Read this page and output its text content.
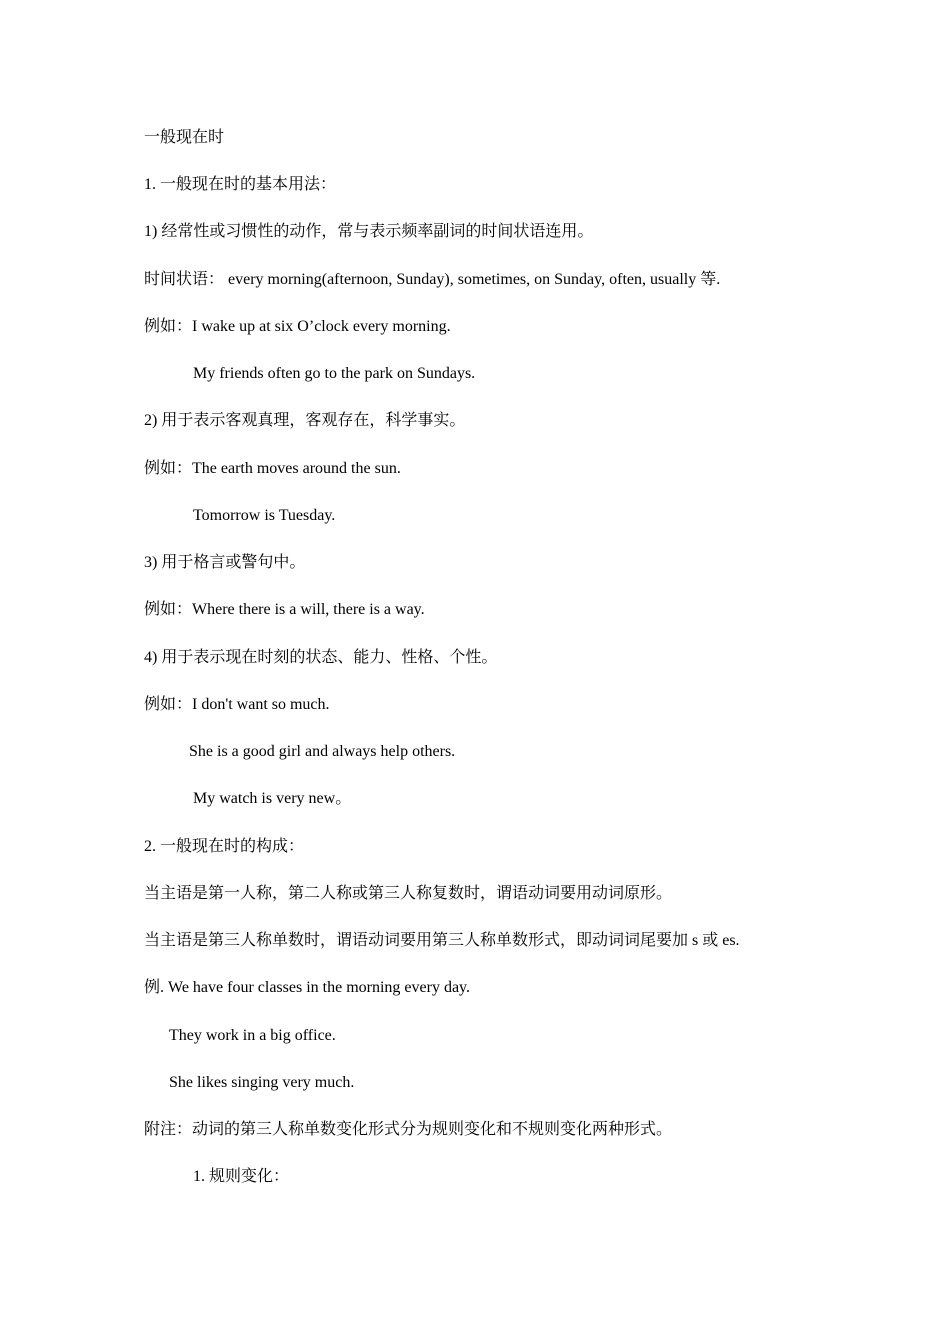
一般现在时
1. 一般现在时的基本用法：
1) 经常性或习惯性的动作，常与表示频率副词的时间状语连用。
时间状语： every morning(afternoon, Sunday), sometimes, on Sunday, often, usually 等.
例如：I wake up at six O’clock every morning.
My friends often go to the park on Sundays.
2) 用于表示客观真理，客观存在，科学事实。
例如：The earth moves around the sun.
Tomorrow is Tuesday.
3) 用于格言或警句中。
例如：Where there is a will, there is a way.
4) 用于表示现在时刻的状态、能力、性格、个性。
例如：I don't want so much.
She is a good girl and always help others.
My watch is very new。
2. 一般现在时的构成：
当主语是第一人称，第二人称或第三人称复数时，谓语动词要用动词原形。
当主语是第三人称单数时，谓语动词要用第三人称单数形式，即动词词尾要加 s 或 es.
例. We have four classes in the morning every day.
They work in a big office.
She likes singing very much.
附注：动词的第三人称单数变化形式分为规则变化和不规则变化两种形式。
1. 规则变化：
